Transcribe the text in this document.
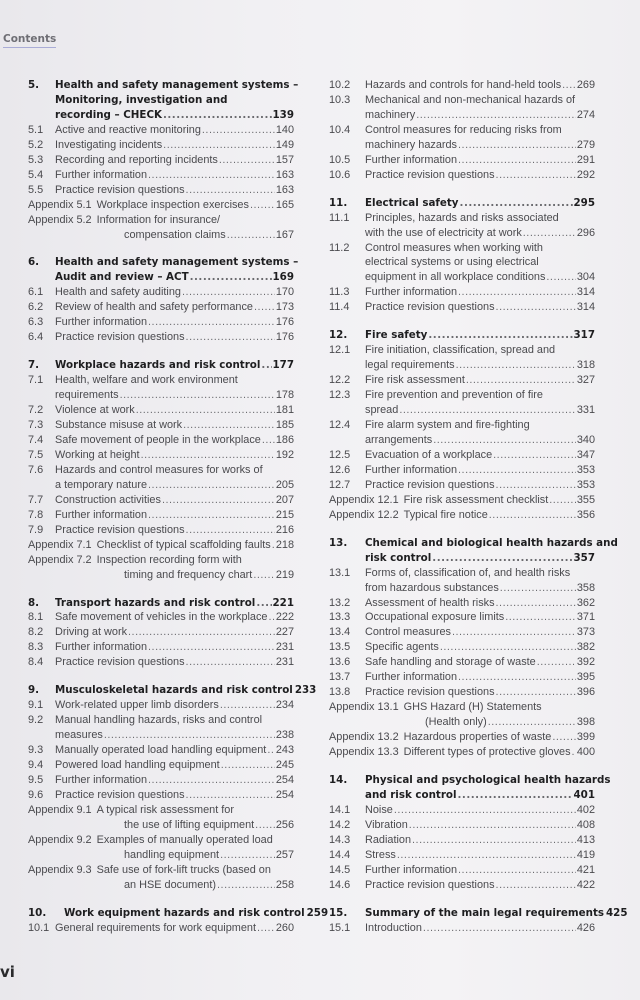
Contents
5.	Health and safety management systems –
Monitoring, investigation and
recording – CHECK .....	139
5.1	Active and reactive monitoring .....	140
5.2	Investigating incidents .....	149
5.3	Recording and reporting incidents .....	157
5.4	Further information .....	163
5.5	Practice revision questions .....	163
Appendix 5.1 Workplace inspection exercises ..... 165
Appendix 5.2 Information for insurance/
compensation claims .....	167
6.	Health and safety management systems –
Audit and review – ACT .....	169
6.1	Health and safety auditing .....	170
6.2	Review of health and safety performance ..... 173
6.3	Further information .....	176
6.4	Practice revision questions .....	176
7.	Workplace hazards and risk control ..... 177
7.1	Health, welfare and work environment
requirements .....	178
7.2	Violence at work .....	181
7.3	Substance misuse at work .....	185
7.4	Safe movement of people in the workplace ..... 186
7.5	Working at height .....	192
7.6	Hazards and control measures for works of
a temporary nature .....	205
7.7	Construction activities .....	207
7.8	Further information .....	215
7.9	Practice revision questions .....	216
Appendix 7.1 Checklist of typical scaffolding faults ..... 218
Appendix 7.2 Inspection recording form with
timing and frequency chart ..... 219
8.	Transport hazards and risk control ..... 221
8.1	Safe movement of vehicles in the workplace ..... 222
8.2	Driving at work .....	227
8.3	Further information .....	231
8.4	Practice revision questions .....	231
9.	Musculoskeletal hazards and risk control 233
9.1	Work-related upper limb disorders .....	234
9.2	Manual handling hazards, risks and control
measures .....	238
9.3	Manually operated load handling equipment ..... 243
9.4	Powered load handling equipment .....	245
9.5	Further information .....	254
9.6	Practice revision questions .....	254
Appendix 9.1 A typical risk assessment for
the use of lifting equipment ..... 256
Appendix 9.2 Examples of manually operated load
handling equipment .....	257
Appendix 9.3 Safe use of fork-lift trucks (based on
an HSE document) .....	258
10.	Work equipment hazards and risk control 259
10.1 General requirements for work equipment ..... 260
10.2	Hazards and controls for hand-held tools ..... 269
10.3	Mechanical and non-mechanical hazards of
machinery .....	274
10.4	Control measures for reducing risks from
machinery hazards .....	279
10.5	Further information .....	291
10.6	Practice revision questions .....	292
11.	Electrical safety .....	295
11.1	Principles, hazards and risks associated
with the use of electricity at work .....	296
11.2	Control measures when working with
electrical systems or using electrical
equipment in all workplace conditions .....	304
11.3	Further information .....	314
11.4	Practice revision questions .....	314
12.	Fire safety .....	317
12.1	Fire initiation, classification, spread and
legal requirements .....	318
12.2	Fire risk assessment .....	327
12.3	Fire prevention and prevention of fire
spread .....	331
12.4	Fire alarm system and fire-fighting
arrangements .....	340
12.5	Evacuation of a workplace .....	347
12.6	Further information .....	353
12.7	Practice revision questions .....	353
Appendix 12.1 Fire risk assessment checklist .....	355
Appendix 12.2 Typical fire notice .....	356
13.	Chemical and biological health hazards and
risk control .....	357
13.1	Forms of, classification of, and health risks
from hazardous substances .....	358
13.2	Assessment of health risks .....	362
13.3	Occupational exposure limits .....	371
13.4	Control measures .....	373
13.5	Specific agents .....	382
13.6	Safe handling and storage of waste .....	392
13.7	Further information .....	395
13.8	Practice revision questions .....	396
Appendix 13.1 GHS Hazard (H) Statements
(Health only) .....	398
Appendix 13.2 Hazardous properties of waste ..... 399
Appendix 13.3 Different types of protective gloves ..... 400
14.	Physical and psychological health hazards
and risk control .....	401
14.1	Noise .....	402
14.2	Vibration .....	408
14.3	Radiation .....	413
14.4	Stress .....	419
14.5	Further information .....	421
14.6	Practice revision questions .....	422
15.	Summary of the main legal requirements 425
15.1	Introduction .....	426
vi
